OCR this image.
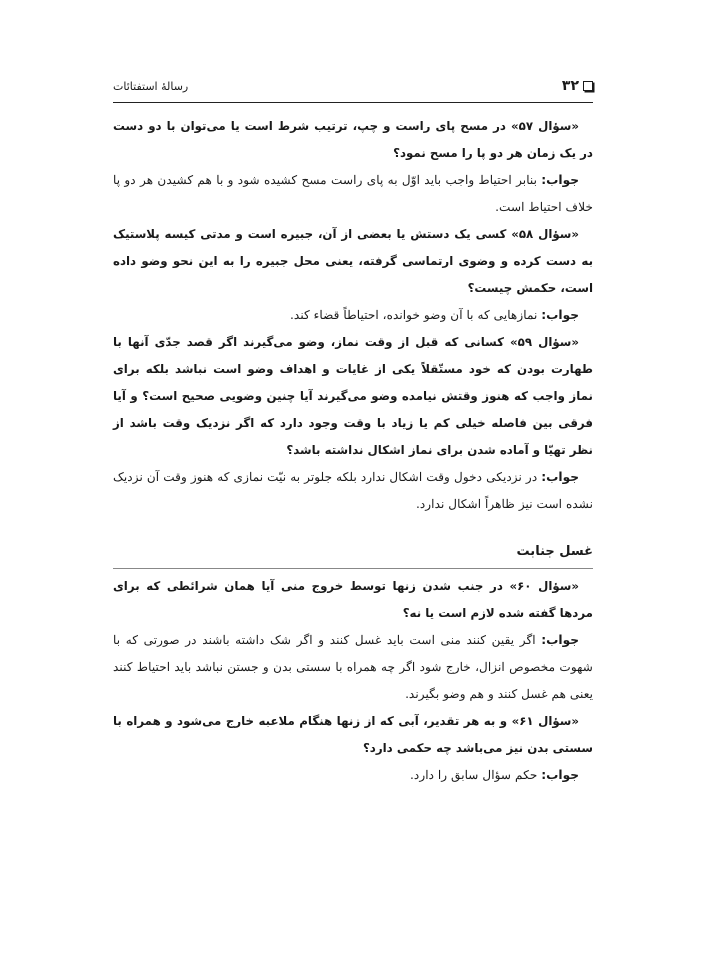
۳۲
رسالهٔ استفتائات

«سؤال ۵۷» در مسح پای راست و چپ، ترتیب شرط است یا می‌توان با دو دست در یک زمان هر دو پا را مسح نمود؟

جواب: بنابر احتیاط واجب باید اوّل به پای راست مسح کشیده شود و با هم کشیدن هر دو پا خلاف احتیاط است.

«سؤال ۵۸» کسی یک دستش یا بعضی از آن، جبیره است و مدتی کیسه پلاستیک به دست کرده و وضوی ارتماسی گرفته، یعنی محل جبیره را به این نحو وضو داده است، حکمش چیست؟

جواب: نمازهایی که با آن وضو خوانده، احتیاطاً قضاء کند.

«سؤال ۵۹» کسانی که قبل از وقت نماز، وضو می‌گیرند اگر قصد جدّی آنها با طهارت بودن که خود مستّقلاً یکی از غایات و اهداف وضو است نباشد بلکه برای نماز واجب که هنوز وقتش نیامده وضو می‌گیرند آیا چنین وضویی صحیح است؟ و آیا فرقی بین فاصله خیلی کم یا زیاد با وقت وجود دارد که اگر نزدیک وقت باشد از نظر تهیّا و آماده شدن برای نماز اشکال نداشته باشد؟

جواب: در نزدیکی دخول وقت اشکال ندارد بلکه جلوتر به نیّت نمازی که هنوز وقت آن نزدیک نشده است نیز ظاهراً اشکال ندارد.

غسل جنابت

«سؤال ۶۰» در جنب شدن زنها توسط خروج منی آیا همان شرائطی که برای مردها گفته شده لازم است یا نه؟

جواب: اگر یقین کنند منی است باید غسل کنند و اگر شک داشته باشند در صورتی که با شهوت مخصوص انزال، خارج شود اگر چه همراه با سستی بدن و جستن نباشد باید احتیاط کنند یعنی هم غسل کنند و هم وضو بگیرند.

«سؤال ۶۱» و به هر تقدیر، آبی که از زنها هنگام ملاعبه خارج می‌شود و همراه با سستی بدن نیز می‌باشد چه حکمی دارد؟

جواب: حکم سؤال سابق را دارد.
